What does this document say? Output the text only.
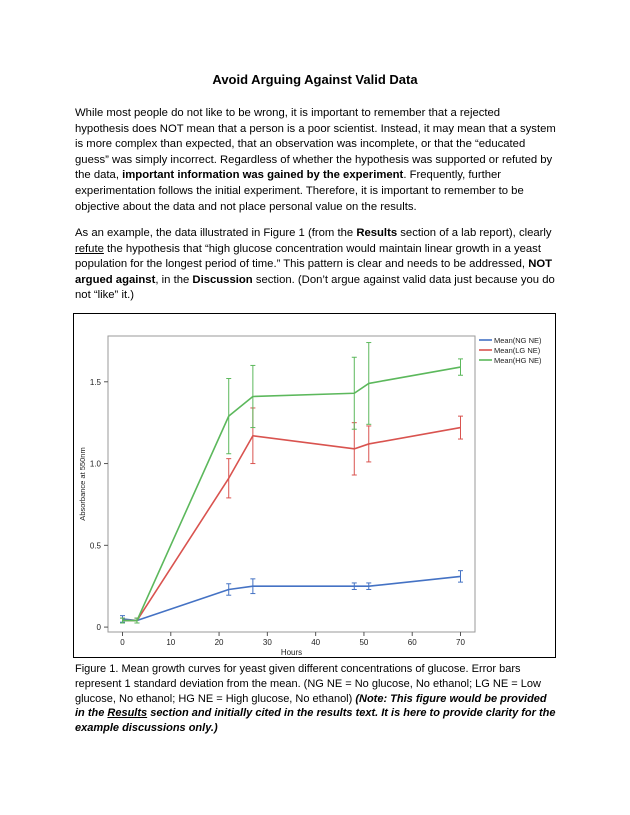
Avoid Arguing Against Valid Data
While most people do not like to be wrong, it is important to remember that a rejected hypothesis does NOT mean that a person is a poor scientist. Instead, it may mean that a system is more complex than expected, that an observation was incomplete, or that the “educated guess” was simply incorrect. Regardless of whether the hypothesis was supported or refuted by the data, important information was gained by the experiment. Frequently, further experimentation follows the initial experiment. Therefore, it is important to remember to be objective about the data and not place personal value on the results.
As an example, the data illustrated in Figure 1 (from the Results section of a lab report), clearly refute the hypothesis that “high glucose concentration would maintain linear growth in a yeast population for the longest period of time.” This pattern is clear and needs to be addressed, NOT argued against, in the Discussion section. (Don’t argue against valid data just because you do not “like” it.)
0
0.5
1.0
1.5
0	10	20	30	40	50	60	70
Hours
Absorbance at 550nm
Mean(NG NE)
Mean(LG NE)
Mean(HG NE)
Figure 1. Mean growth curves for yeast given different concentrations of glucose. Error bars represent 1 standard deviation from the mean. (NG NE = No glucose, No ethanol; LG NE = Low glucose, No ethanol; HG NE = High glucose, No ethanol) (Note: This figure would be provided in the Results section and initially cited in the results text. It is here to provide clarity for the example discussions only.)
